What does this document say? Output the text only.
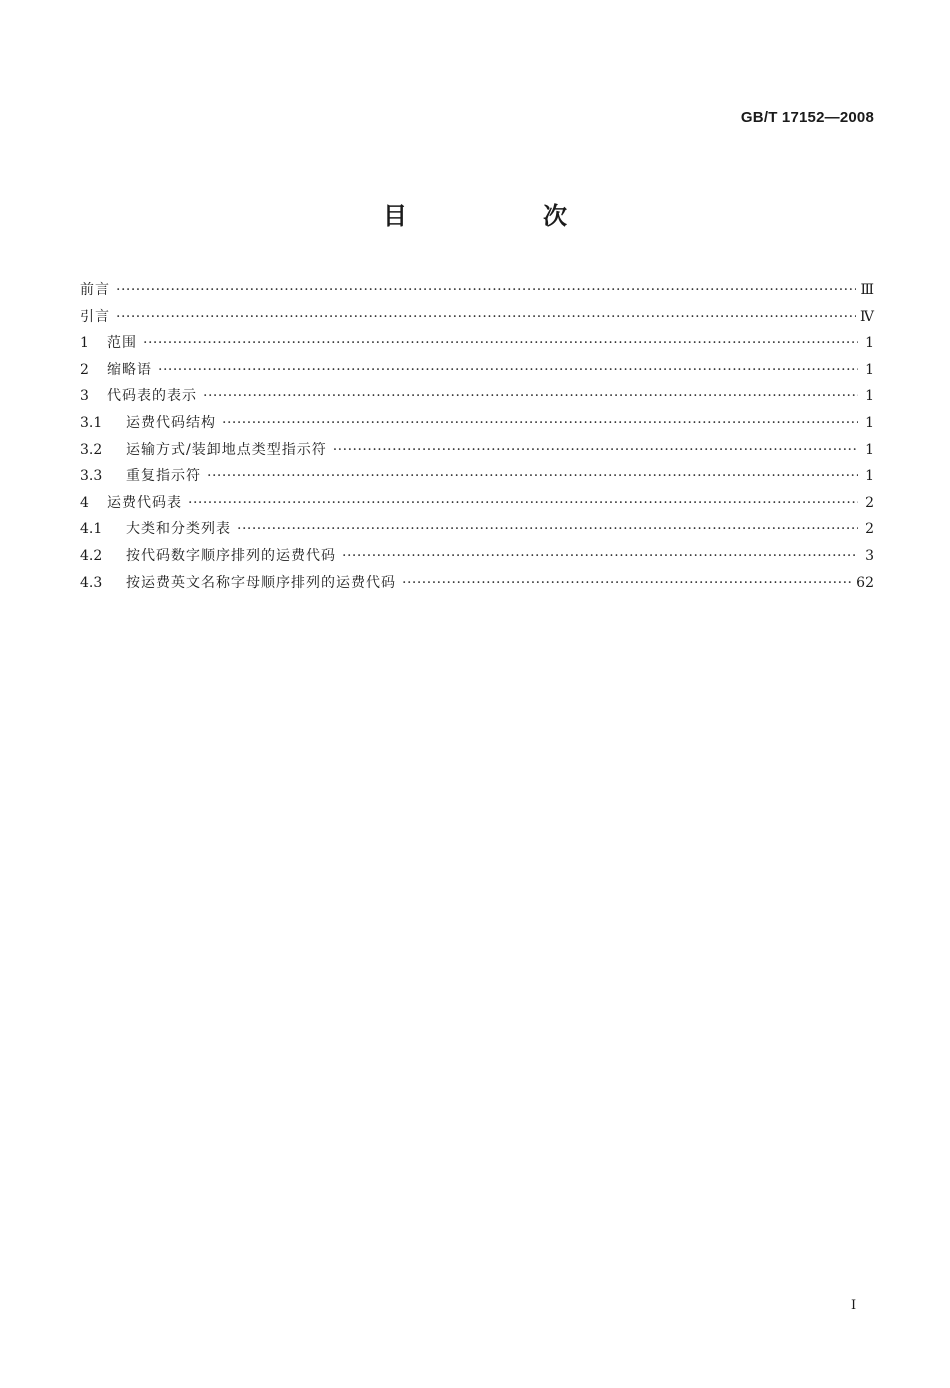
GB/T 17152—2008
目　次
前言 ·····	Ⅲ
引言 ·····	Ⅳ
1	范围 ·····	1
2	缩略语 ·····	1
3	代码表的表示 ·····	1
3.1	运费代码结构 ·····	1
3.2	运输方式/装卸地点类型指示符 ·····	1
3.3	重复指示符 ·····	1
4	运费代码表 ·····	2
4.1	大类和分类列表 ·····	2
4.2	按代码数字顺序排列的运费代码 ·····	3
4.3	按运费英文名称字母顺序排列的运费代码 ·····	62
Ⅰ
